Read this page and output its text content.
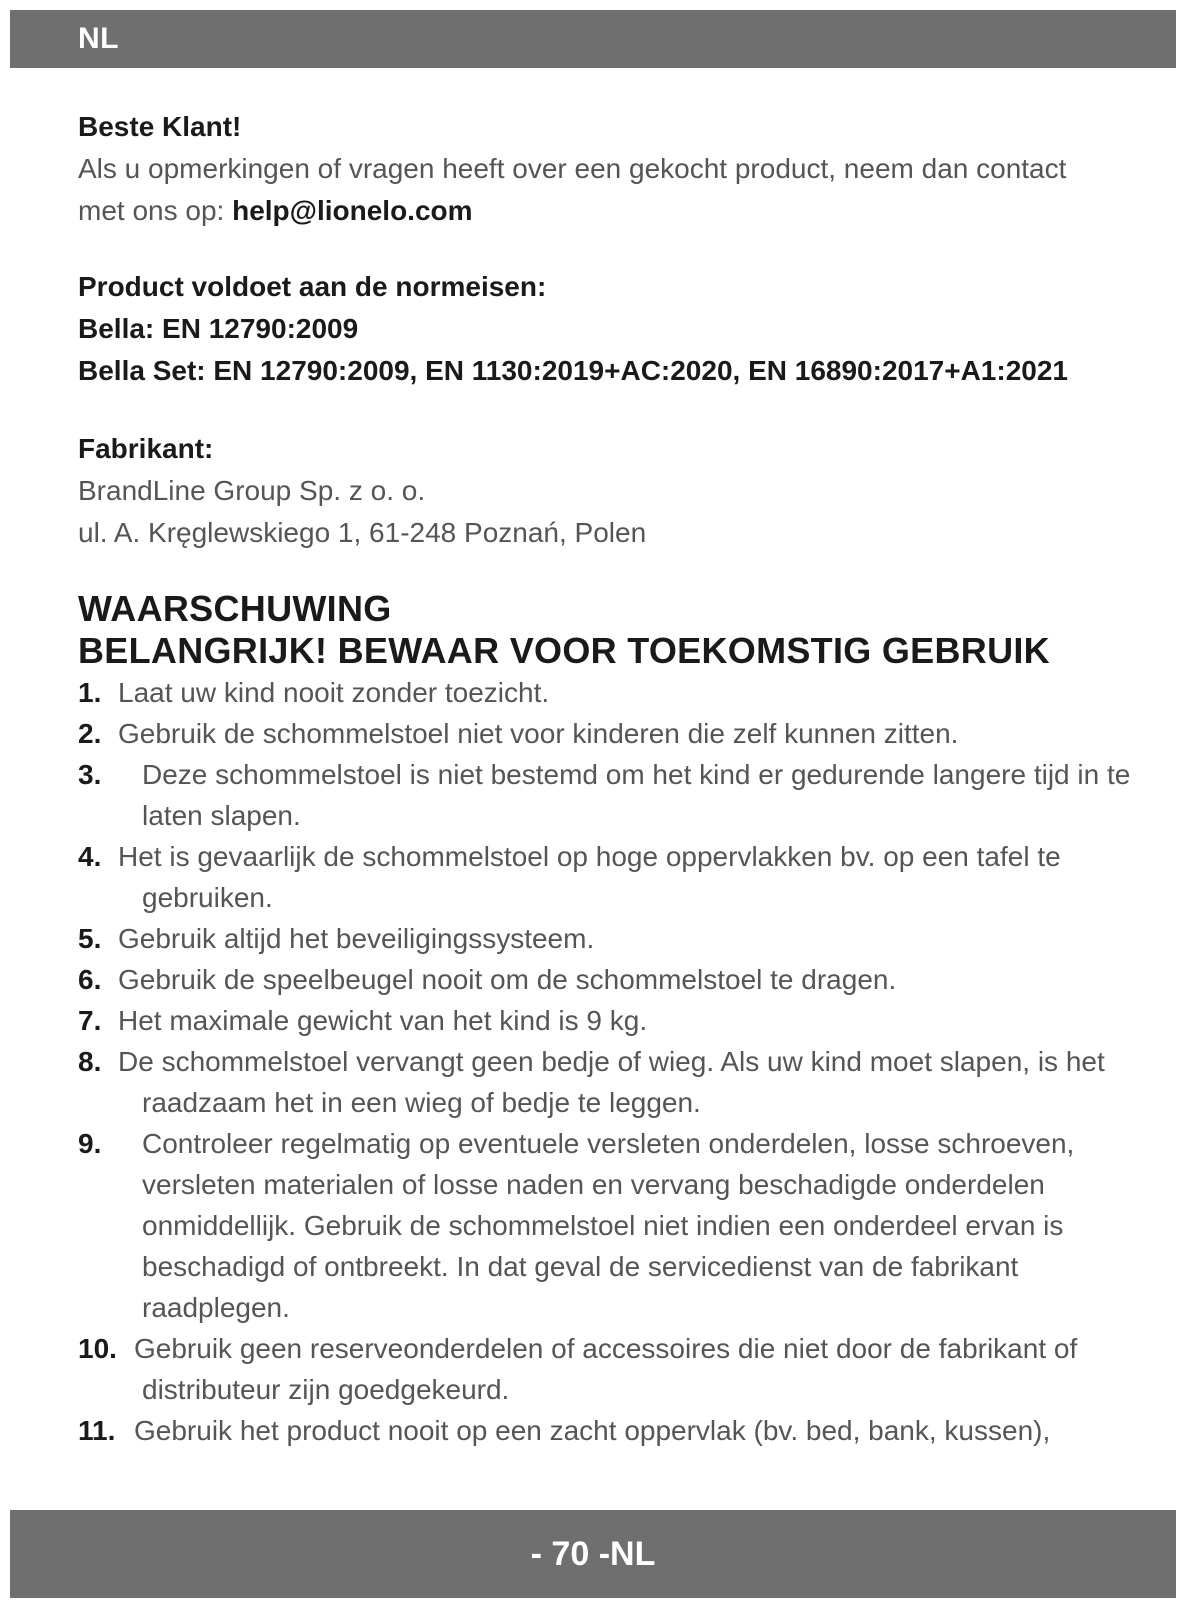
NL

Beste Klant!

Als u opmerkingen of vragen heeft over een gekocht product, neem dan contact

met ons op: help@lionelo.com

Product voldoet aan de normeisen:

Bella: EN 12790:2009

Bella Set: EN 12790:2009, EN 1130:2019+AC:2020, EN 16890:2017+A1:2021

Fabrikant:

BrandLine Group Sp. z o. o.

ul. A. Kręglewskiego 1, 61-248 Poznań, Polen

WAARSCHUWING

BELANGRIJK! BEWAAR VOOR TOEKOMSTIG GEBRUIK

1. Laat uw kind nooit zonder toezicht.
2. Gebruik de schommelstoel niet voor kinderen die zelf kunnen zitten.
3.	Deze schommelstoel is niet bestemd om het kind er gedurende langere tijd in te laten slapen.
4. Het is gevaarlijk de schommelstoel op hoge oppervlakken bv. op een tafel te gebruiken.
5. Gebruik altijd het beveiligingssysteem.
6. Gebruik de speelbeugel nooit om de schommelstoel te dragen.
7. Het maximale gewicht van het kind is 9 kg.
8. De schommelstoel vervangt geen bedje of wieg. Als uw kind moet slapen, is het raadzaam het in een wieg of bedje te leggen.
9.	Controleer regelmatig op eventuele versleten onderdelen, losse schroeven, versleten materialen of losse naden en vervang beschadigde onderdelen onmiddellijk. Gebruik de schommelstoel niet indien een onderdeel ervan is beschadigd of ontbreekt. In dat geval de servicedienst van de fabrikant raadplegen.
10. Gebruik geen reserveonderdelen of accessoires die niet door de fabrikant of distributeur zijn goedgekeurd.
11. Gebruik het product nooit op een zacht oppervlak (bv. bed, bank, kussen),
- 70 -NL
